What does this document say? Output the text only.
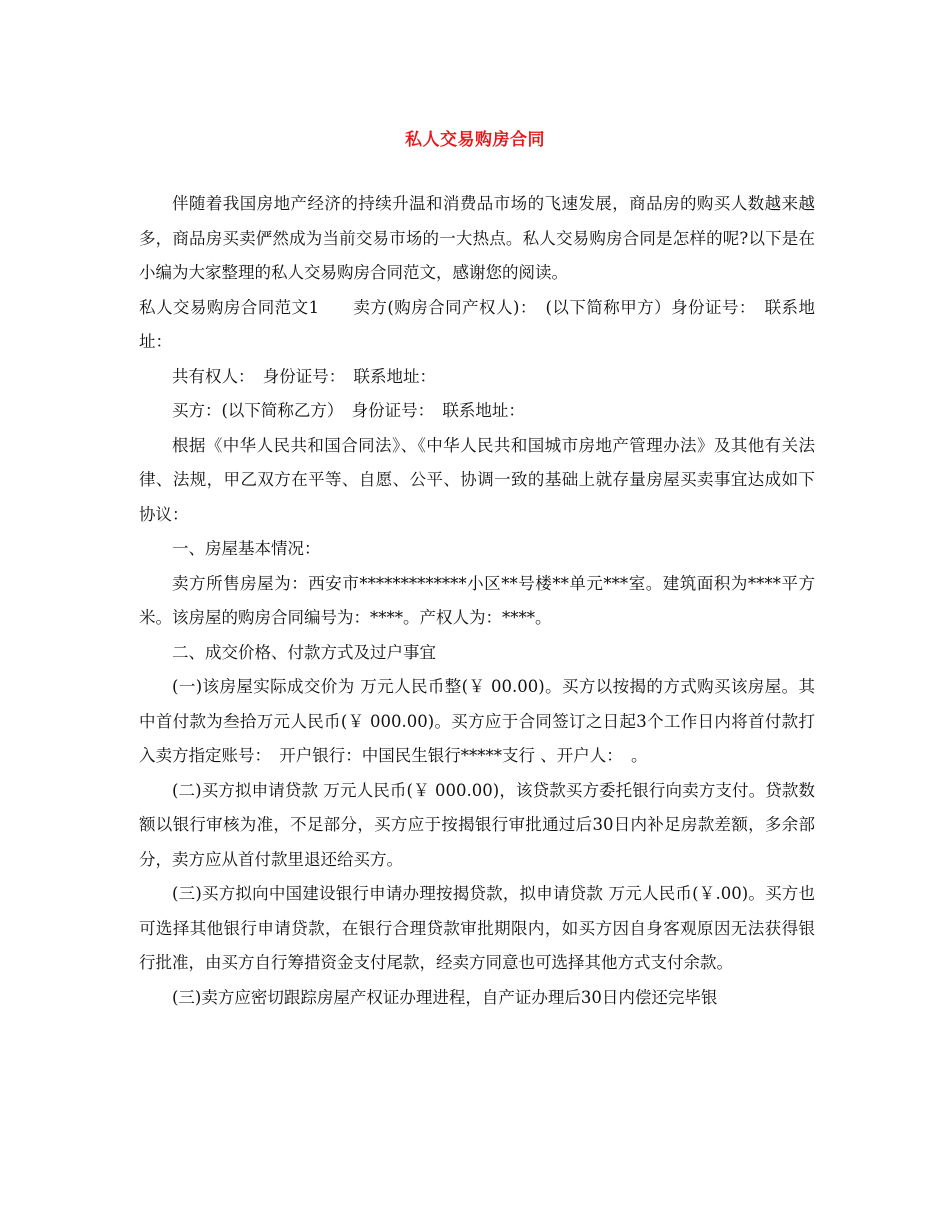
私人交易购房合同

伴随着我国房地产经济的持续升温和消费品市场的飞速发展，商品房的购买人数越来越多，商品房买卖俨然成为当前交易市场的一大热点。私人交易购房合同是怎样的呢?以下是在小编为大家整理的私人交易购房合同范文，感谢您的阅读。

私人交易购房合同范文1　　卖方(购房合同产权人)：　(以下简称甲方）身份证号：　联系地址：

共有权人：　身份证号：　联系地址：

买方：(以下简称乙方）　身份证号：　联系地址：

根据《中华人民共和国合同法》、《中华人民共和国城市房地产管理办法》及其他有关法律、法规，甲乙双方在平等、自愿、公平、协调一致的基础上就存量房屋买卖事宜达成如下协议：

一、房屋基本情况：

卖方所售房屋为：西安市*************小区**号楼**单元***室。建筑面积为****平方米。该房屋的购房合同编号为：****。产权人为：****。

二、成交价格、付款方式及过户事宜

(一)该房屋实际成交价为 万元人民币整(￥ 00.00)。买方以按揭的方式购买该房屋。其中首付款为叁拾万元人民币(￥ 000.00)。买方应于合同签订之日起3个工作日内将首付款打入卖方指定账号：　开户银行：中国民生银行*****支行 、开户人：　。

(二)买方拟申请贷款 万元人民币(￥ 000.00)，该贷款买方委托银行向卖方支付。贷款数额以银行审核为准，不足部分，买方应于按揭银行审批通过后30日内补足房款差额，多余部分，卖方应从首付款里退还给买方。

(三)买方拟向中国建设银行申请办理按揭贷款，拟申请贷款 万元人民币(￥.00)。买方也可选择其他银行申请贷款，在银行合理贷款审批期限内，如买方因自身客观原因无法获得银行批准，由买方自行筹措资金支付尾款，经卖方同意也可选择其他方式支付余款。

(三)卖方应密切跟踪房屋产权证办理进程，自产证办理后30日内偿还完毕银
